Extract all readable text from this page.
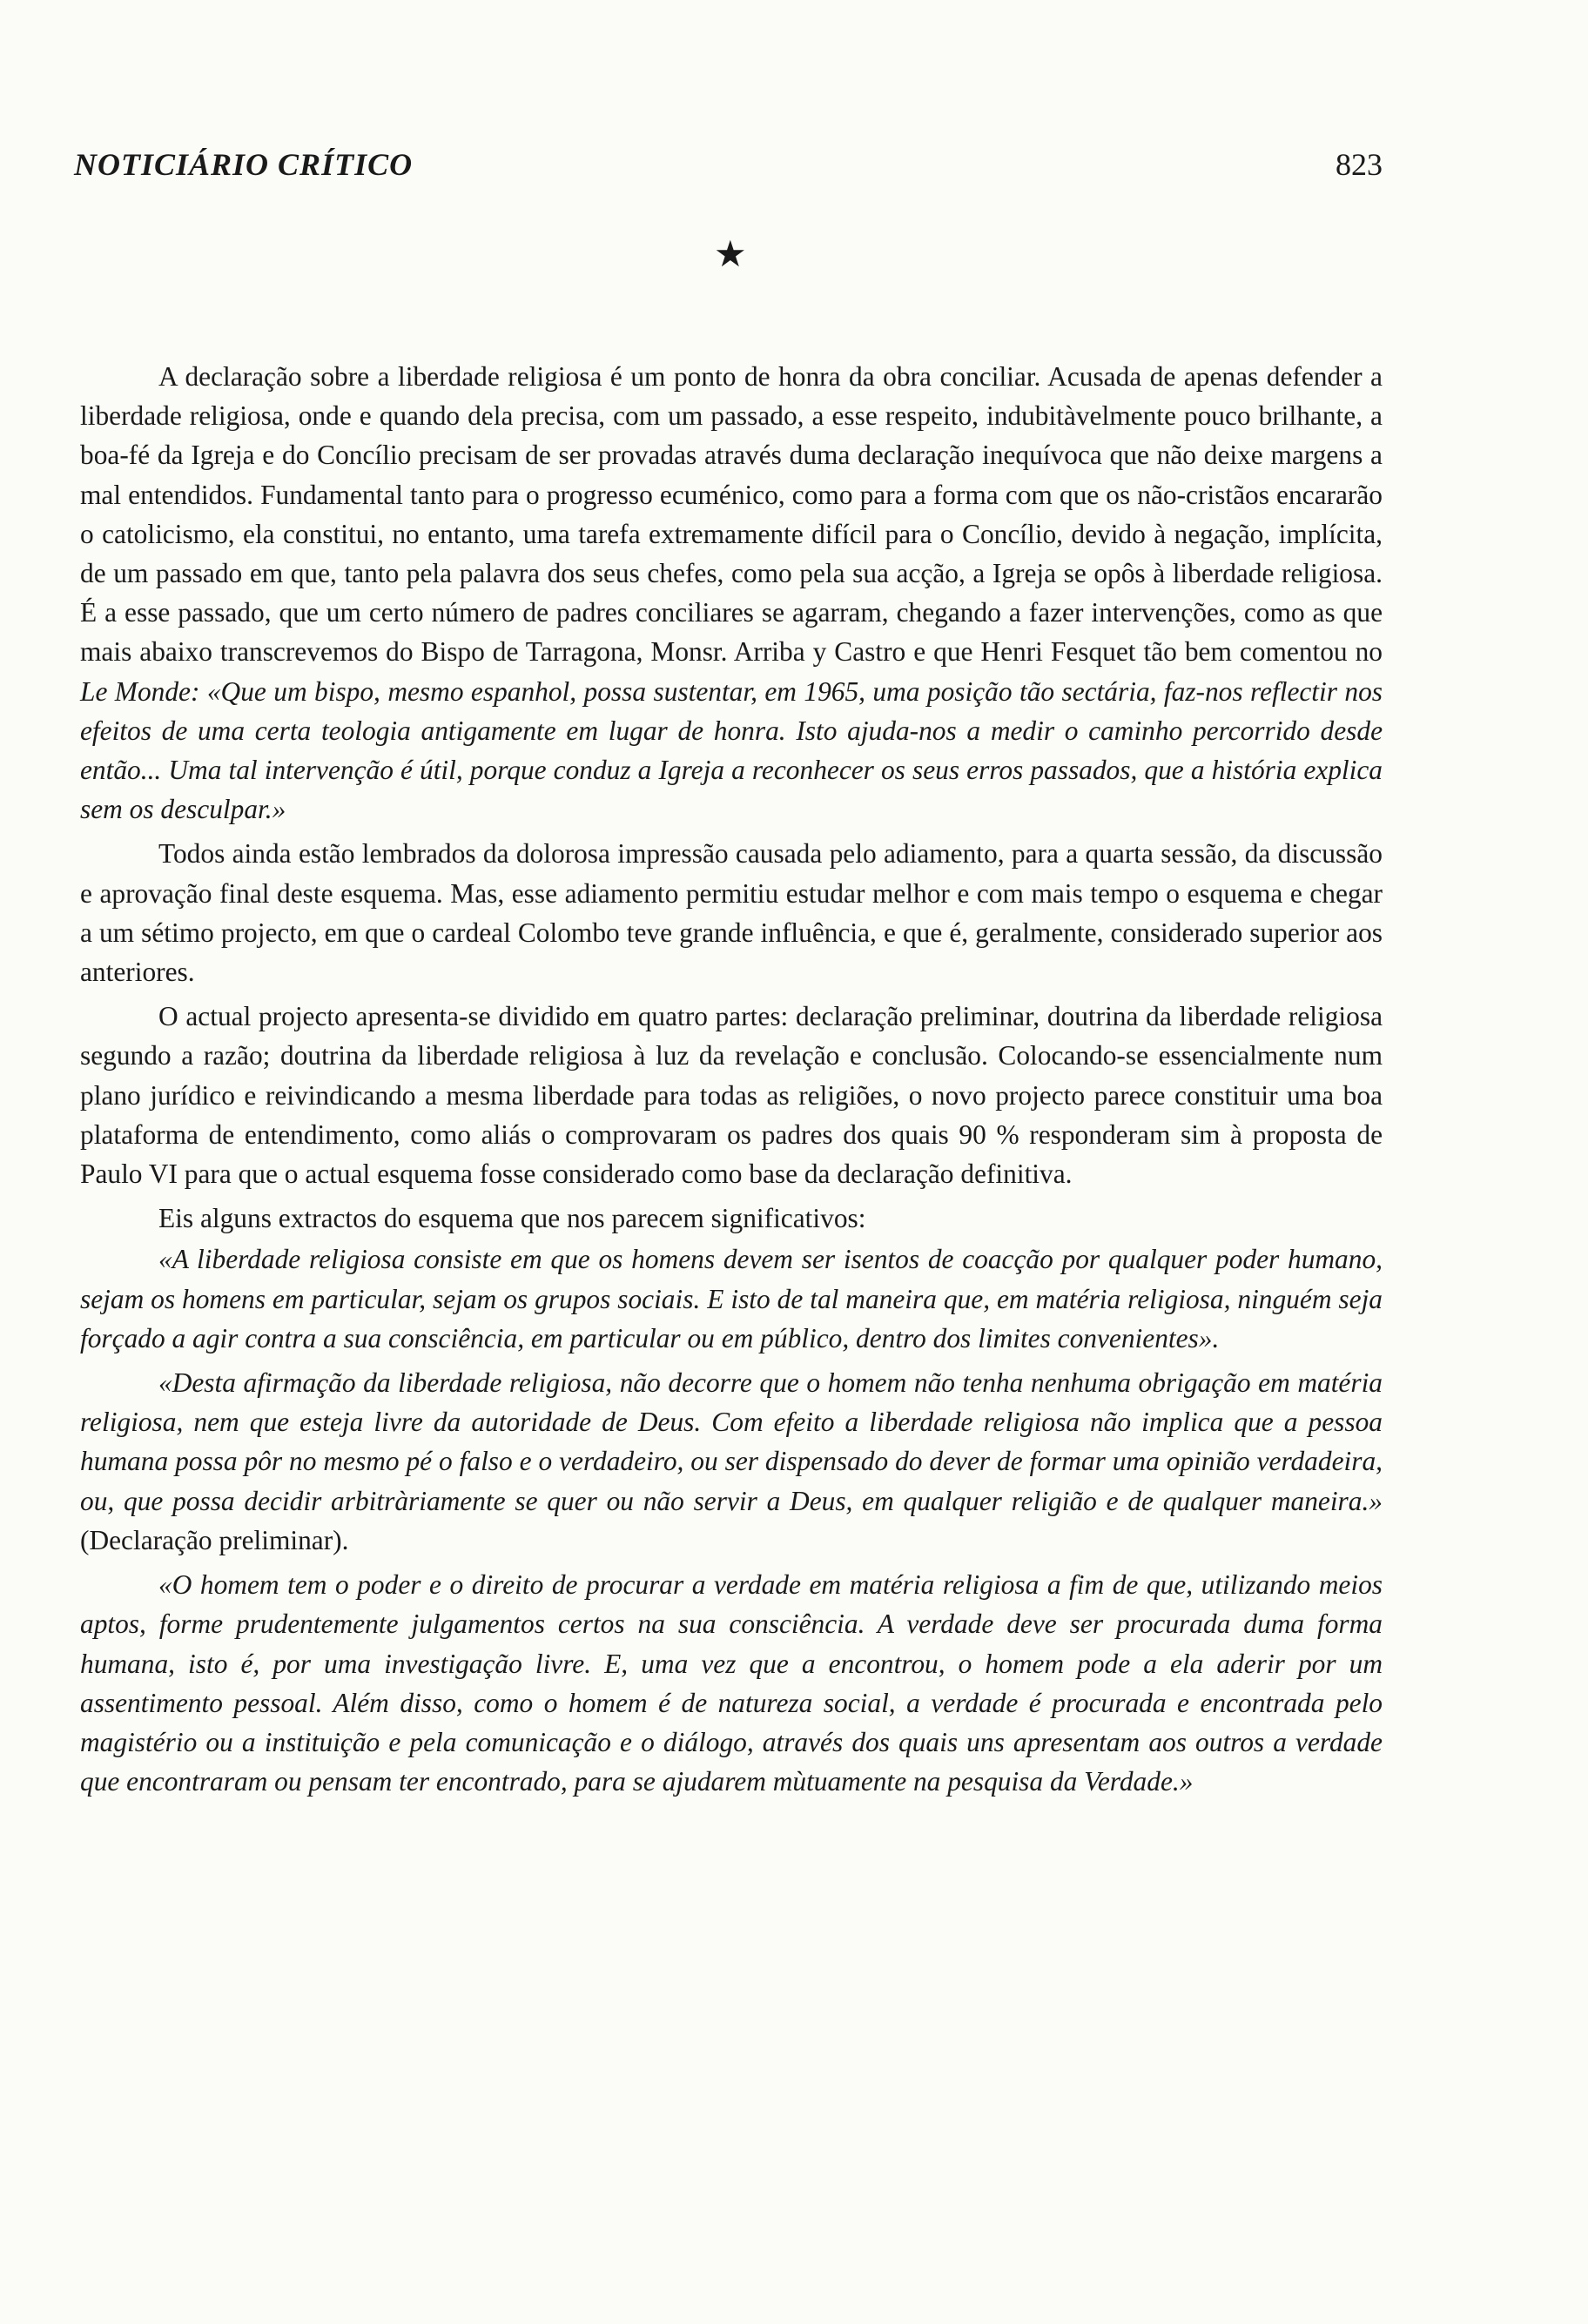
NOTICIÁRIO CRÍTICO	823
★

A declaração sobre a liberdade religiosa é um ponto de honra da obra conciliar. Acusada de apenas defender a liberdade religiosa, onde e quando dela precisa, com um passado, a esse respeito, indubitàvelmente pouco brilhante, a boa-fé da Igreja e do Concílio precisam de ser provadas através duma declaração inequívoca que não deixe margens a mal entendidos. Fundamental tanto para o progresso ecuménico, como para a forma com que os não-cristãos encararão o catolicismo, ela constitui, no entanto, uma tarefa extremamente difícil para o Concílio, devido à negação, implícita, de um passado em que, tanto pela palavra dos seus chefes, como pela sua acção, a Igreja se opôs à liberdade religiosa. É a esse passado, que um certo número de padres conciliares se agarram, chegando a fazer intervenções, como as que mais abaixo transcrevemos do Bispo de Tarragona, Monsr. Arriba y Castro e que Henri Fesquet tão bem comentou no Le Monde: «Que um bispo, mesmo espanhol, possa sustentar, em 1965, uma posição tão sectária, faz-nos reflectir nos efeitos de uma certa teologia antigamente em lugar de honra. Isto ajuda-nos a medir o caminho percorrido desde então... Uma tal intervenção é útil, porque conduz a Igreja a reconhecer os seus erros passados, que a história explica sem os desculpar.»

Todos ainda estão lembrados da dolorosa impressão causada pelo adiamento, para a quarta sessão, da discussão e aprovação final deste esquema. Mas, esse adiamento permitiu estudar melhor e com mais tempo o esquema e chegar a um sétimo projecto, em que o cardeal Colombo teve grande influência, e que é, geralmente, considerado superior aos anteriores.

O actual projecto apresenta-se dividido em quatro partes: declaração preliminar, doutrina da liberdade religiosa segundo a razão; doutrina da liberdade religiosa à luz da revelação e conclusão. Colocando-se essencialmente num plano jurídico e reivindicando a mesma liberdade para todas as religiões, o novo projecto parece constituir uma boa plataforma de entendimento, como aliás o comprovaram os padres dos quais 90 % responderam sim à proposta de Paulo VI para que o actual esquema fosse considerado como base da declaração definitiva.

Eis alguns extractos do esquema que nos parecem significativos:

«A liberdade religiosa consiste em que os homens devem ser isentos de coacção por qualquer poder humano, sejam os homens em particular, sejam os grupos sociais. E isto de tal maneira que, em matéria religiosa, ninguém seja forçado a agir contra a sua consciência, em particular ou em público, dentro dos limites convenientes».

«Desta afirmação da liberdade religiosa, não decorre que o homem não tenha nenhuma obrigação em matéria religiosa, nem que esteja livre da autoridade de Deus. Com efeito a liberdade religiosa não implica que a pessoa humana possa pôr no mesmo pé o falso e o verdadeiro, ou ser dispensado do dever de formar uma opinião verdadeira, ou, que possa decidir arbitràriamente se quer ou não servir a Deus, em qualquer religião e de qualquer maneira.» (Declaração preliminar).

«O homem tem o poder e o direito de procurar a verdade em matéria religiosa a fim de que, utilizando meios aptos, forme prudentemente julgamentos certos na sua consciência. A verdade deve ser procurada duma forma humana, isto é, por uma investigação livre. E, uma vez que a encontrou, o homem pode a ela aderir por um assentimento pessoal. Além disso, como o homem é de natureza social, a verdade é procurada e encontrada pelo magistério ou a instituição e pela comunicação e o diálogo, através dos quais uns apresentam aos outros a verdade que encontraram ou pensam ter encontrado, para se ajudarem mùtuamente na pesquisa da Verdade.»
